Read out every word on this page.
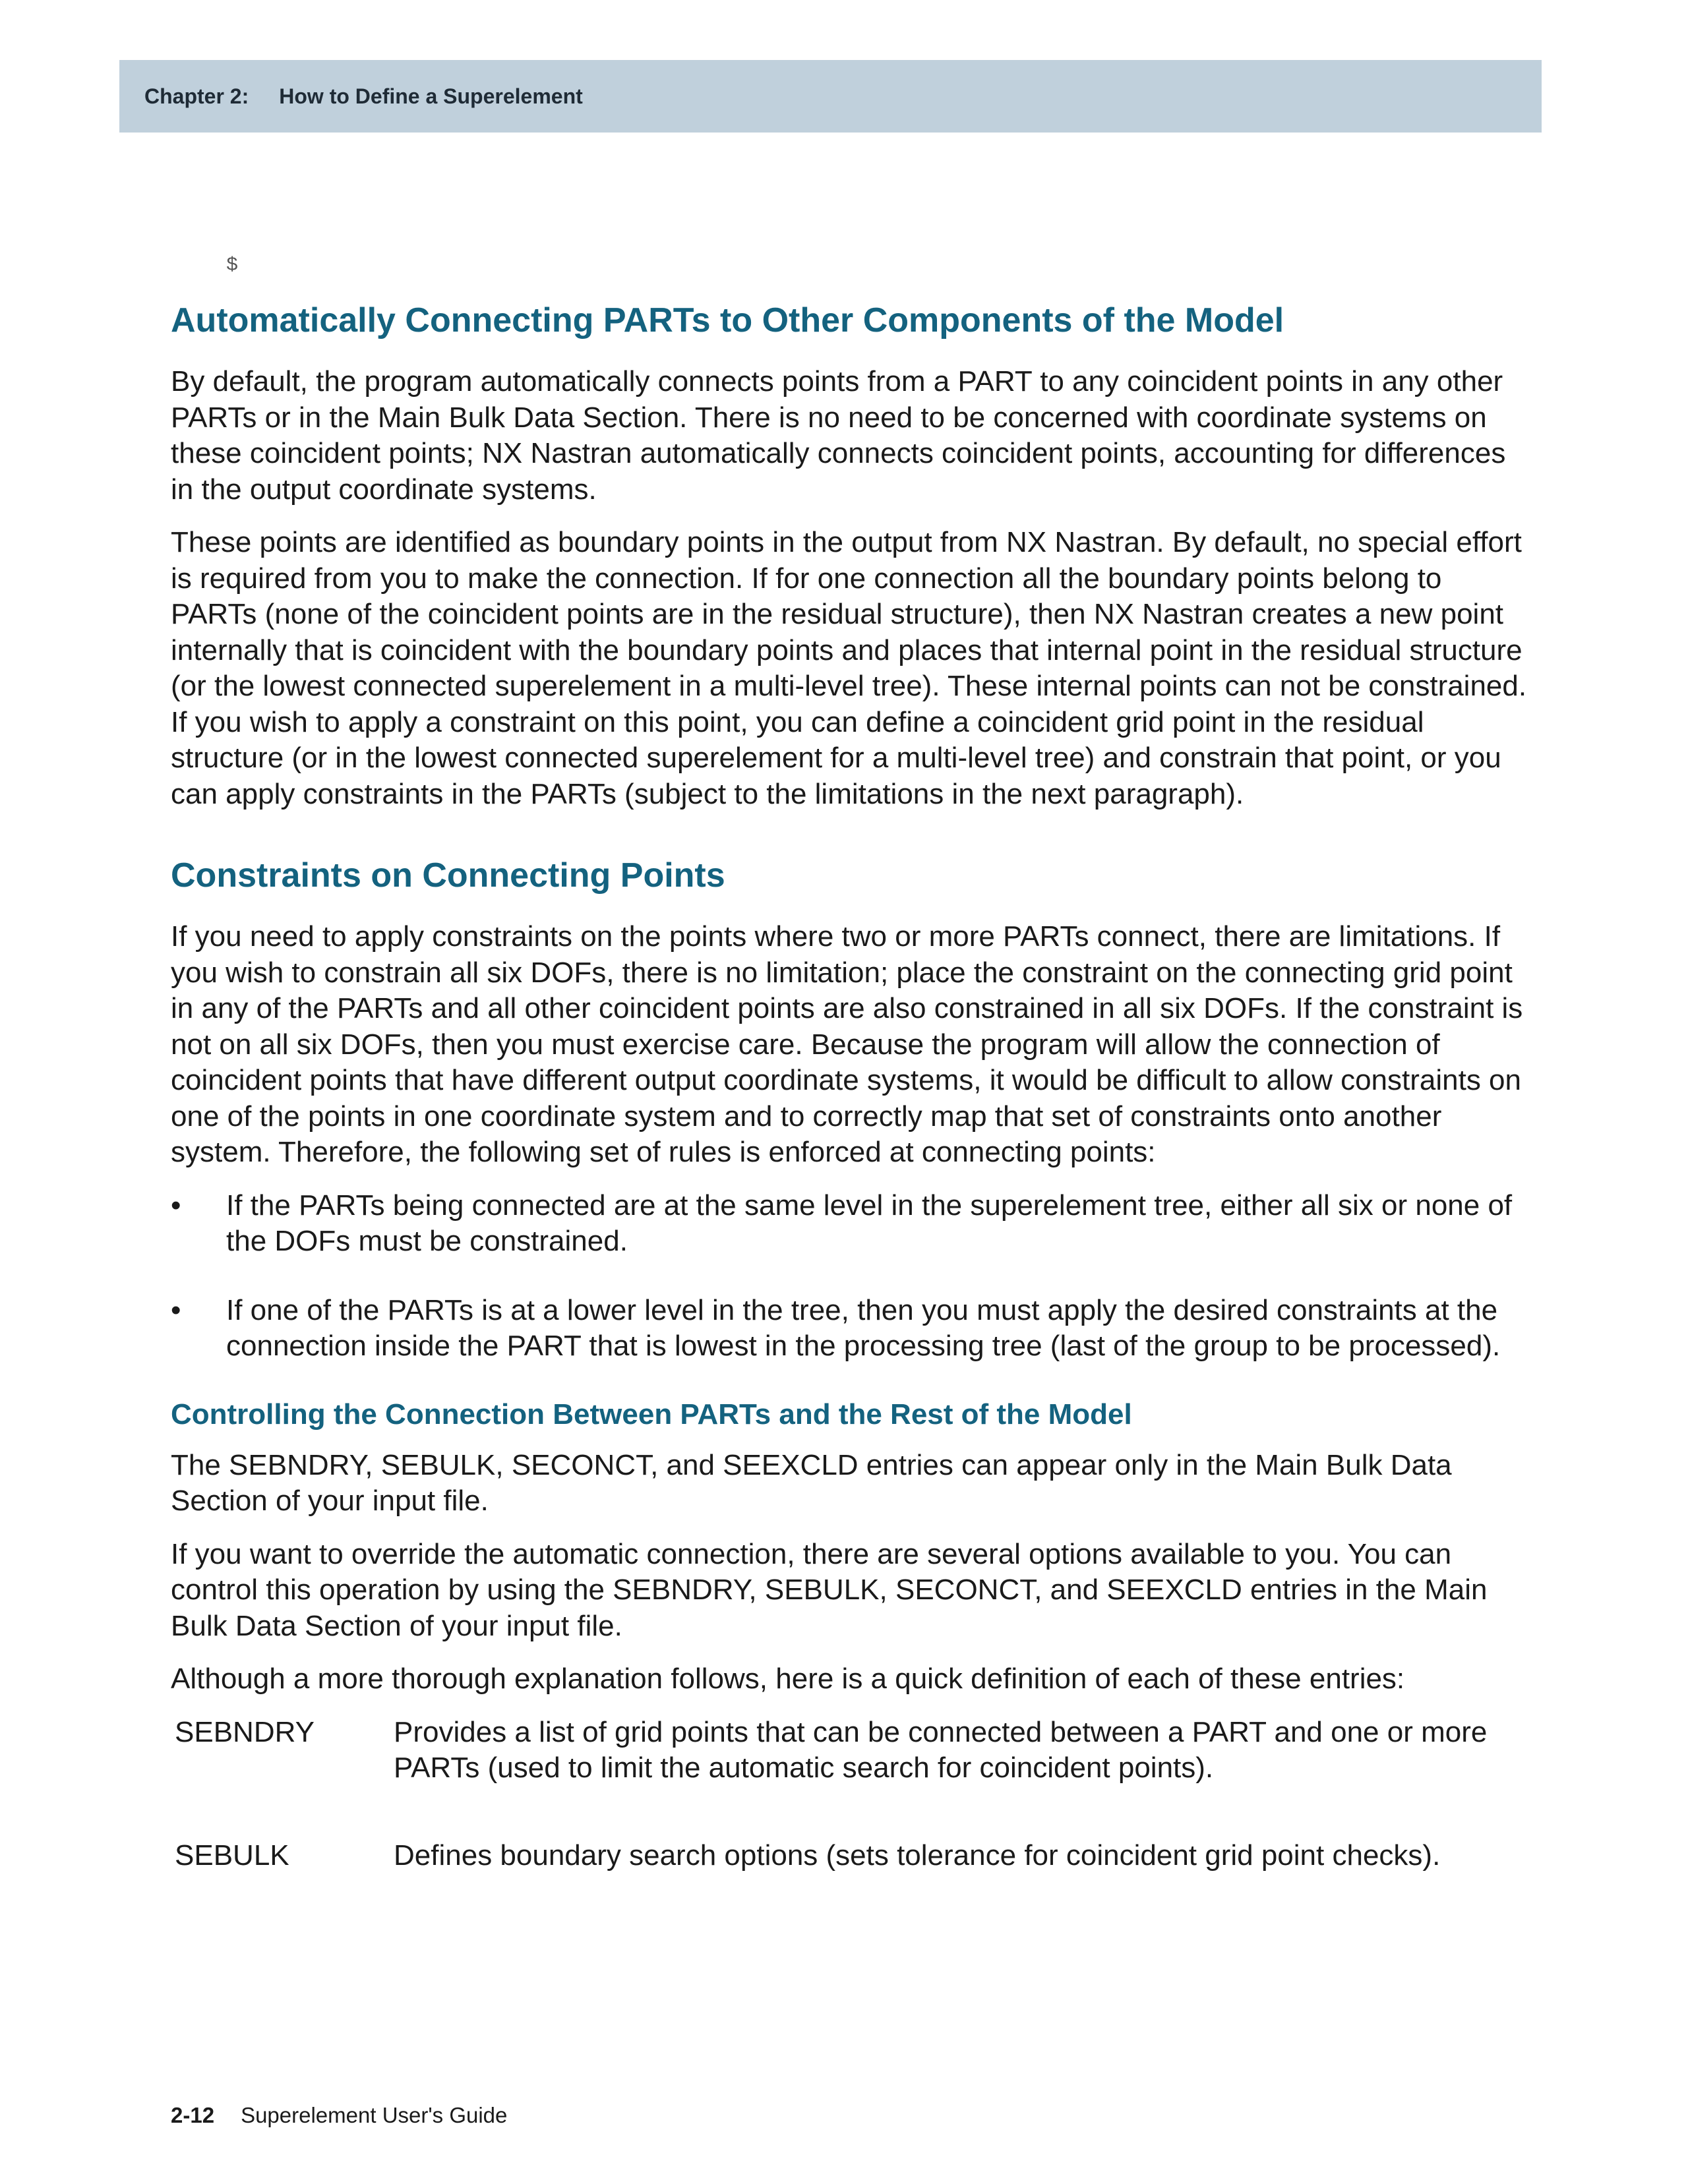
Chapter 2: How to Define a Superelement
$
Automatically Connecting PARTs to Other Components of the Model

By default, the program automatically connects points from a PART to any coincident points in any other PARTs or in the Main Bulk Data Section. There is no need to be concerned with coordinate systems on these coincident points; NX Nastran automatically connects coincident points, accounting for differences in the output coordinate systems.

These points are identified as boundary points in the output from NX Nastran. By default, no special effort is required from you to make the connection. If for one connection all the boundary points belong to PARTs (none of the coincident points are in the residual structure), then NX Nastran creates a new point internally that is coincident with the boundary points and places that internal point in the residual structure (or the lowest connected superelement in a multi-level tree). These internal points can not be constrained. If you wish to apply a constraint on this point, you can define a coincident grid point in the residual structure (or in the lowest connected superelement for a multi-level tree) and constrain that point, or you can apply constraints in the PARTs (subject to the limitations in the next paragraph).

Constraints on Connecting Points

If you need to apply constraints on the points where two or more PARTs connect, there are limitations. If you wish to constrain all six DOFs, there is no limitation; place the constraint on the connecting grid point in any of the PARTs and all other coincident points are also constrained in all six DOFs. If the constraint is not on all six DOFs, then you must exercise care. Because the program will allow the connection of coincident points that have different output coordinate systems, it would be difficult to allow constraints on one of the points in one coordinate system and to correctly map that set of constraints onto another system. Therefore, the following set of rules is enforced at connecting points:

•	If the PARTs being connected are at the same level in the superelement tree, either all six or none of the DOFs must be constrained.
•	If one of the PARTs is at a lower level in the tree, then you must apply the desired constraints at the connection inside the PART that is lowest in the processing tree (last of the group to be processed).
Controlling the Connection Between PARTs and the Rest of the Model

The SEBNDRY, SEBULK, SECONCT, and SEEXCLD entries can appear only in the Main Bulk Data Section of your input file.

If you want to override the automatic connection, there are several options available to you. You can control this operation by using the SEBNDRY, SEBULK, SECONCT, and SEEXCLD entries in the Main Bulk Data Section of your input file.

Although a more thorough explanation follows, here is a quick definition of each of these entries:

SEBNDRY	Provides a list of grid points that can be connected between a PART and one or more PARTs (used to limit the automatic search for coincident points).
SEBULK	Defines boundary search options (sets tolerance for coincident grid point checks).
2-12 Superelement User's Guide
